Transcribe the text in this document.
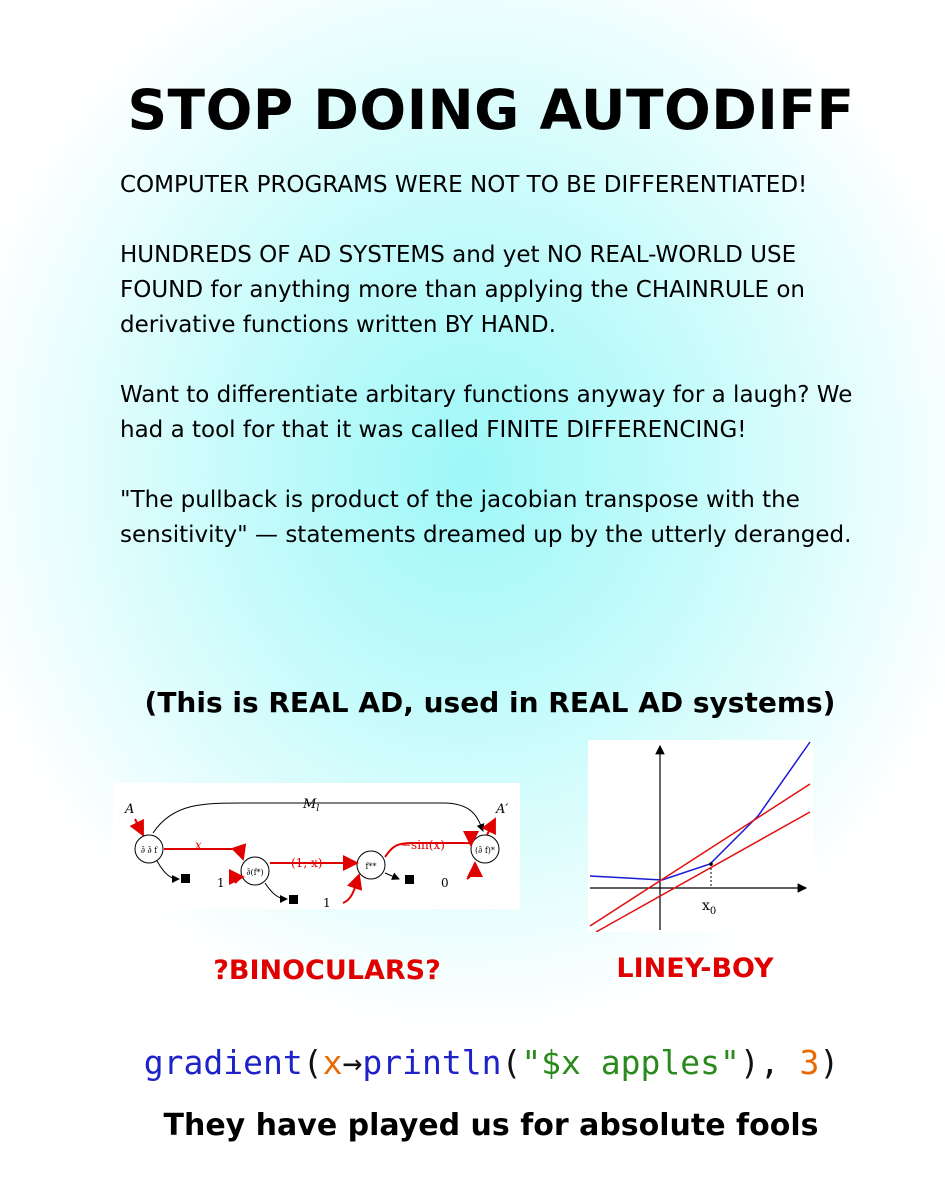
STOP DOING AUTODIFF

COMPUTER PROGRAMS WERE NOT TO BE DIFFERENTIATED!

HUNDREDS OF AD SYSTEMS and yet NO REAL-WORLD USE FOUND for anything more than applying the CHAINRULE on derivative functions written BY HAND.

Want to differentiate arbitary functions anyway for a laugh? We had a tool for that it was called FINITE DIFFERENCING!

"The pullback is product of the jacobian transpose with the sensitivity" — statements dreamed up by the utterly deranged.

(This is REAL AD, used in REAL AD systems)
$M_l$
A	A′
∂̄ ∂̄ f
∂̄(f*)
f**
(∂̄ f)*
x
(1, x)
−sin(x)
1
1
0
$x_0$
?BINOCULARS?	LINEY-BOY
gradient(x→println("$x apples"), 3)
They have played us for absolute fools
